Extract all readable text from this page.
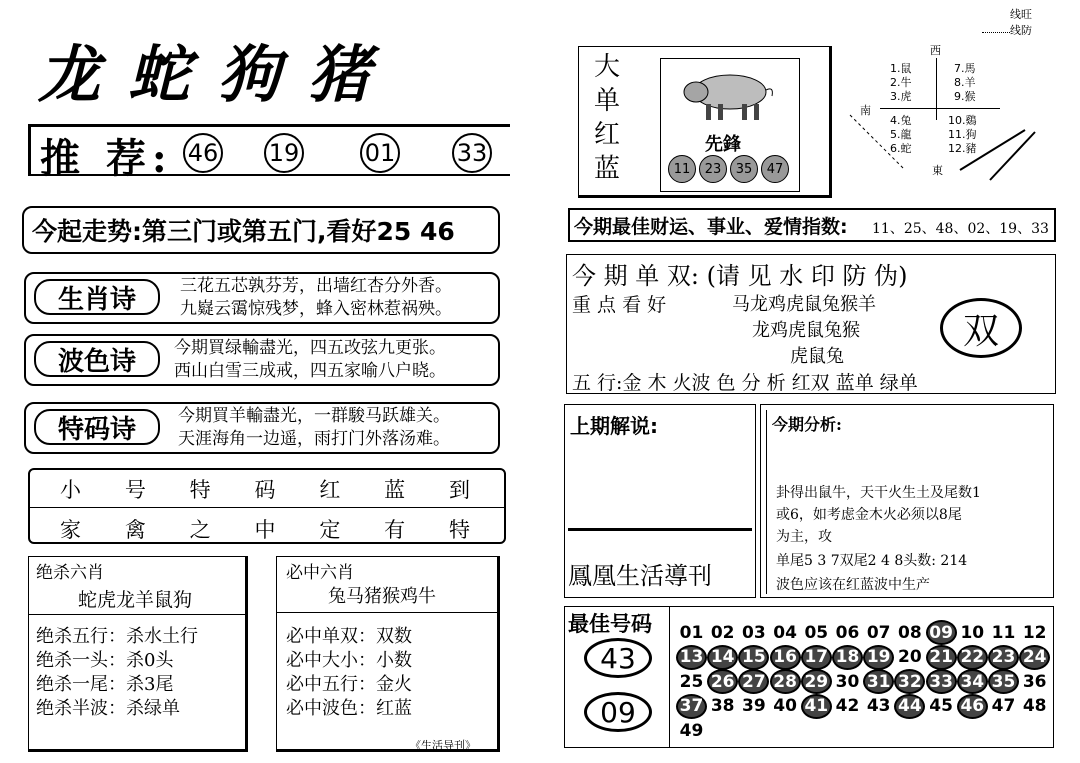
龙蛇狗猪
推 荐: 46 19	01	33
今起走势:第三门或第五门,看好25 46
生肖诗	三花五芯孰芬芳，出墙红杏分外香。
九嶷云霭惊残梦，蜂入密林惹祸殃。
波色诗	今期買绿輸盡光，四五改弦九更张。
西山白雪三成戒，四五家喻八户晓。
特码诗	今期買羊輸盡光，一群駿马跃雄关。
天涯海角一边遥，雨打门外落汤难。
小 号 特 码 红 蓝 到
家 禽 之 中 定 有 特
绝杀六肖
蛇虎龙羊鼠狗
绝杀五行：杀水土行
绝杀一头：杀0头
绝杀一尾：杀3尾
绝杀半波：杀绿单
必中六肖
兔马猪猴鸡牛
必中单双：双数
必中大小：小数
必中五行：金火
必中波色：红蓝
《生活导刊》
大
单
红
蓝
先鋒
11	23	35	47
线旺
线防
西
南
東
1.鼠
2.牛
3.虎
4.兔
5.龍
6.蛇
7.馬
8.羊
9.猴
10.鷄
11.狗
12.豬
今期最佳财运、事业、爱情指数: 11、25、48、02、19、33
今 期 单 双: (请 见 水 印 防 伪)
重 点 看 好	马龙鸡虎鼠兔猴羊
龙鸡虎鼠兔猴
虎鼠兔
双
五 行:金 木 火波 色 分 析 红双 蓝单 绿单
上期解说:
鳳凰生活導刊
今期分析:
卦得出鼠牛，天干火生土及尾数1
或6，如考虑金木火必须以8尾
为主，攻
单尾5 3 7双尾2 4 8头数: 214
波色应该在红蓝波中生产
最佳号码
43
09
01 02 03 04 05 06 07 08 09 10 11 12
13 14 15 16 17 18 19 20 21 22 23 24
25 26 27 28 29 30 31 32 33 34 35 36
37 38 39 40 41 42 43 44 45 46 47 48
49
